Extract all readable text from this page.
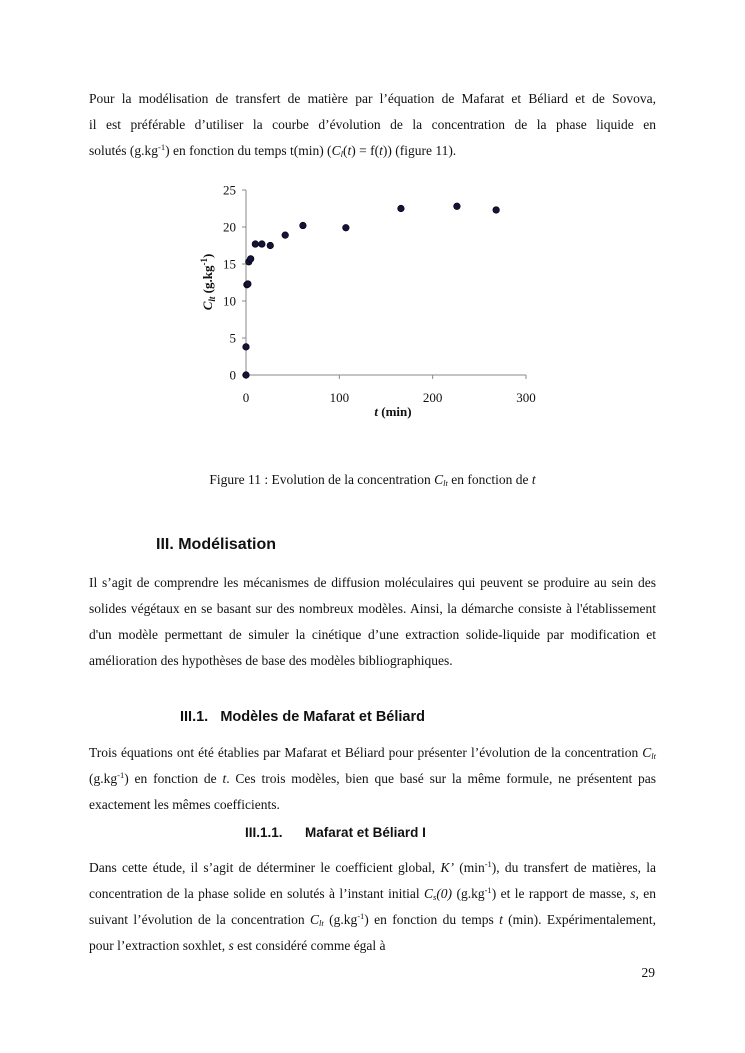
Pour la modélisation de transfert de matière par l’équation de Mafarat et Béliard et de Sovova,
il est préférable d’utiliser la courbe d’évolution de la concentration de la phase liquide en
solutés $(g.kg^{-1})$ en fonction du temps t(min) $(C_l(t) = f(t))$ (figure 11).

0
5
10
15
20
25
0	100	200	300
t (min)
$C_{lt}$ $(g.kg^{-1})$

Figure 11 : Evolution de la concentration $C_{lt}$ en fonction de t

III. Modélisation

Il s’agit de comprendre les mécanismes de diffusion moléculaires qui peuvent se produire au sein des solides végétaux en se basant sur des nombreux modèles. Ainsi, la démarche consiste à l'établissement d'un modèle permettant de simuler la cinétique d’une extraction solide-liquide par modification et amélioration des hypothèses de base des modèles bibliographiques.

III.1. Modèles de Mafarat et Béliard

Trois équations ont été établies par Mafarat et Béliard pour présenter l’évolution de la concentration $C_{lt}$ $(g.kg^{-1})$ en fonction de t. Ces trois modèles, bien que basé sur la même formule, ne présentent pas exactement les mêmes coefficients.

III.1.1. Mafarat et Béliard I

Dans cette étude, il s’agit de déterminer le coefficient global, K’ $(\min^{-1})$, du transfert de matières, la concentration de la phase solide en solutés à l’instant initial $C_s(0)$ $(g.kg^{-1})$ et le rapport de masse, s, en suivant l’évolution de la concentration $C_{lt}$ $(g.kg^{-1})$ en fonction du temps t (min). Expérimentalement, pour l’extraction soxhlet, s est considéré comme égal à

29
